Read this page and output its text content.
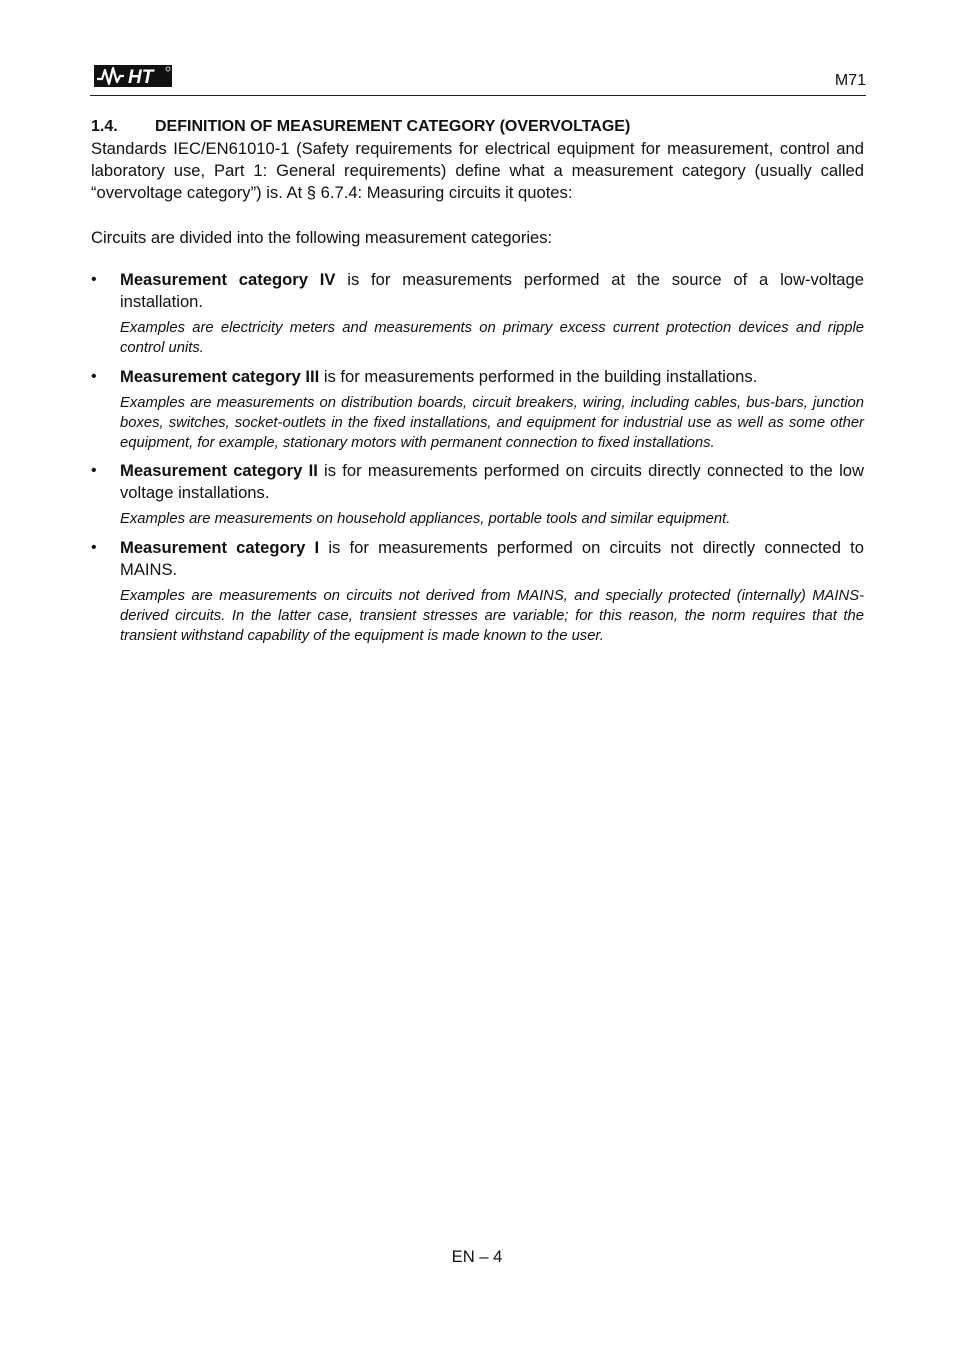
HT	M71
1.4. DEFINITION OF MEASUREMENT CATEGORY (OVERVOLTAGE)

Standards IEC/EN61010-1 (Safety requirements for electrical equipment for measurement, control and laboratory use, Part 1: General requirements) define what a measurement category (usually called “overvoltage category”) is. At § 6.7.4: Measuring circuits it quotes:

Circuits are divided into the following measurement categories:

• Measurement category IV is for measurements performed at the source of a low-voltage installation.

Examples are electricity meters and measurements on primary excess current protection devices and ripple control units.

• Measurement category III is for measurements performed in the building installations.

Examples are measurements on distribution boards, circuit breakers, wiring, including cables, bus-bars, junction boxes, switches, socket-outlets in the fixed installations, and equipment for industrial use as well as some other equipment, for example, stationary motors with permanent connection to fixed installations.

• Measurement category II is for measurements performed on circuits directly connected to the low voltage installations.

Examples are measurements on household appliances, portable tools and similar equipment.

• Measurement category I is for measurements performed on circuits not directly connected to MAINS.

Examples are measurements on circuits not derived from MAINS, and specially protected (internally) MAINS-derived circuits. In the latter case, transient stresses are variable; for this reason, the norm requires that the transient withstand capability of the equipment is made known to the user.

EN – 4
